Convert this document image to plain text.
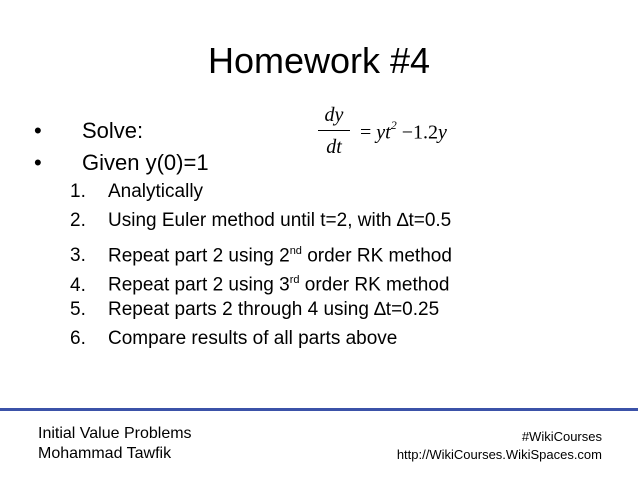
Homework #4
• Solve:
• Given y(0)=1
dy
dt
= $yt^2 -1.2y$
1. Analytically
2. Using Euler method until t=2, with ∆t=0.5
3. Repeat part 2 using 2nd order RK method
4. Repeat part 2 using 3rd order RK method
5. Repeat parts 2 through 4 using ∆t=0.25
6. Compare results of all parts above
Initial Value Problems
Mohammad Tawfik
#WikiCourses
http://WikiCourses.WikiSpaces.com
